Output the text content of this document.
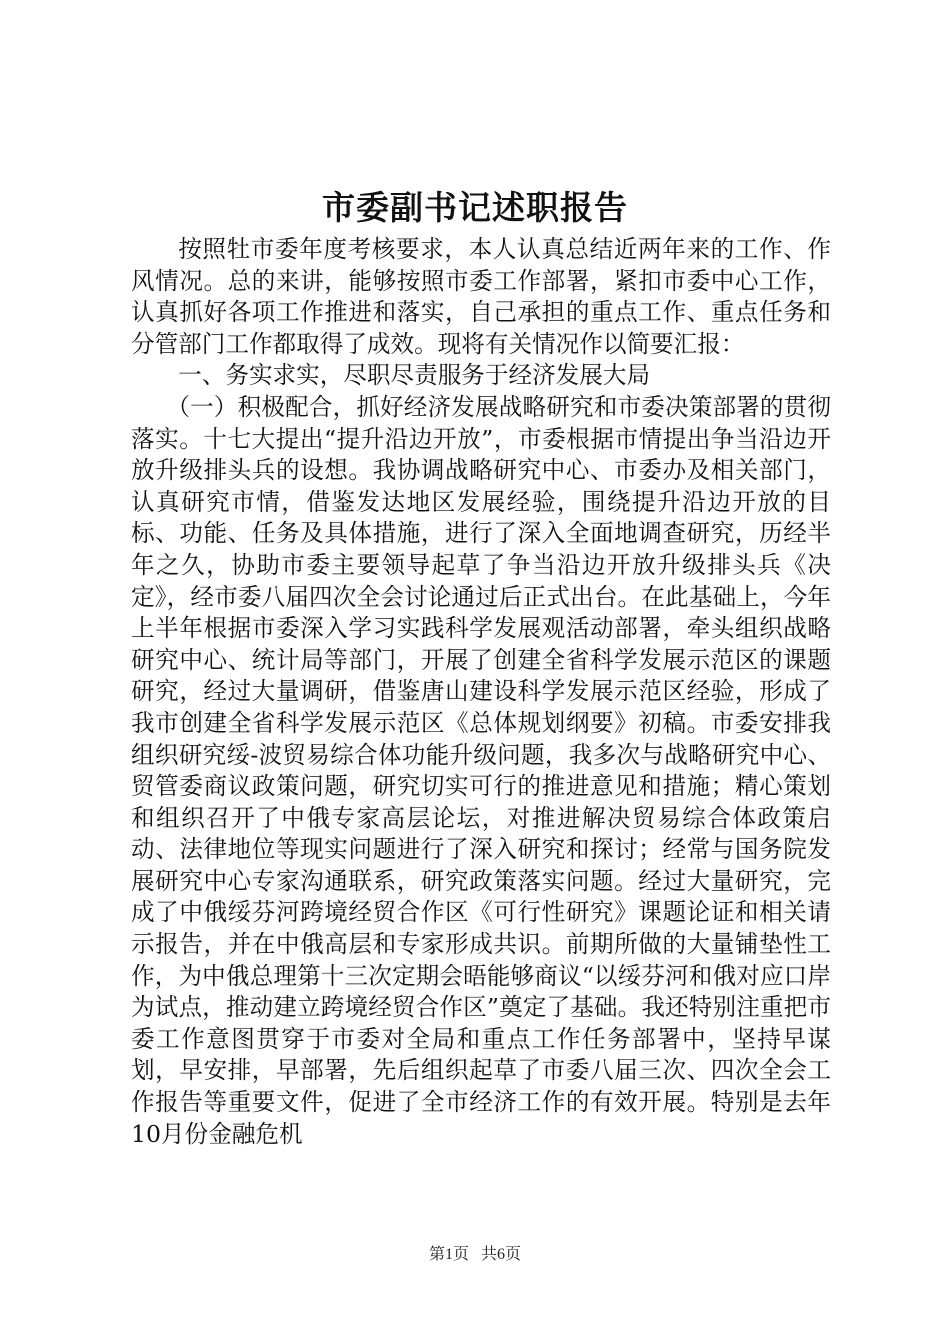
市委副书记述职报告

按照牡市委年度考核要求，本人认真总结近两年来的工作、作风情况。总的来讲，能够按照市委工作部署，紧扣市委中心工作，认真抓好各项工作推进和落实，自己承担的重点工作、重点任务和分管部门工作都取得了成效。现将有关情况作以简要汇报：

一、务实求实，尽职尽责服务于经济发展大局

（一）积极配合，抓好经济发展战略研究和市委决策部署的贯彻落实。十七大提出“提升沿边开放”，市委根据市情提出争当沿边开放升级排头兵的设想。我协调战略研究中心、市委办及相关部门，认真研究市情，借鉴发达地区发展经验，围绕提升沿边开放的目标、功能、任务及具体措施，进行了深入全面地调查研究，历经半年之久，协助市委主要领导起草了争当沿边开放升级排头兵《决定》，经市委八届四次全会讨论通过后正式出台。在此基础上，今年上半年根据市委深入学习实践科学发展观活动部署，牵头组织战略研究中心、统计局等部门，开展了创建全省科学发展示范区的课题研究，经过大量调研，借鉴唐山建设科学发展示范区经验，形成了我市创建全省科学发展示范区《总体规划纲要》初稿。市委安排我组织研究绥-波贸易综合体功能升级问题，我多次与战略研究中心、贸管委商议政策问题，研究切实可行的推进意见和措施；精心策划和组织召开了中俄专家高层论坛，对推进解决贸易综合体政策启动、法律地位等现实问题进行了深入研究和探讨；经常与国务院发展研究中心专家沟通联系，研究政策落实问题。经过大量研究，完成了中俄绥芬河跨境经贸合作区《可行性研究》课题论证和相关请示报告，并在中俄高层和专家形成共识。前期所做的大量铺垫性工作，为中俄总理第十三次定期会晤能够商议“以绥芬河和俄对应口岸为试点，推动建立跨境经贸合作区”奠定了基础。我还特别注重把市委工作意图贯穿于市委对全局和重点工作任务部署中，坚持早谋划，早安排，早部署，先后组织起草了市委八届三次、四次全会工作报告等重要文件，促进了全市经济工作的有效开展。特别是去年10月份金融危机

第1页 共6页
